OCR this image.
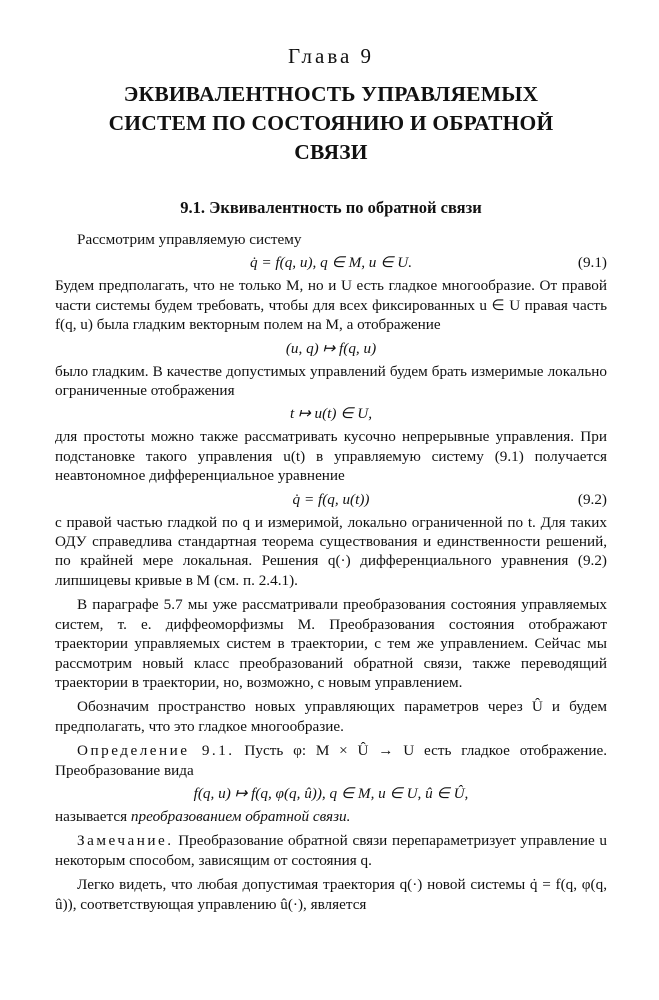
Глава 9
ЭКВИВАЛЕНТНОСТЬ УПРАВЛЯЕМЫХ
СИСТЕМ ПО СОСТОЯНИЮ И ОБРАТНОЙ
СВЯЗИ
9.1. Эквивалентность по обратной связи

Рассмотрим управляемую систему

q̇ = f(q, u), q ∈ M, u ∈ U.	(9.1)

Будем предполагать, что не только M, но и U есть гладкое многообразие. От правой части системы будем требовать, чтобы для всех фиксированных u ∈ U правая часть f(q, u) была гладким векторным полем на M, а отображение

(u, q) ↦ f(q, u)

было гладким. В качестве допустимых управлений будем брать измеримые локально ограниченные отображения

t ↦ u(t) ∈ U,

для простоты можно также рассматривать кусочно непрерывные управления. При подстановке такого управления u(t) в управляемую систему (9.1) получается неавтономное дифференциальное уравнение

q̇ = f(q, u(t))	(9.2)

с правой частью гладкой по q и измеримой, локально ограниченной по t. Для таких ОДУ справедлива стандартная теорема существования и единственности решений, по крайней мере локальная. Решения q(·) дифференциального уравнения (9.2) липшицевы кривые в M (см. п. 2.4.1).

В параграфе 5.7 мы уже рассматривали преобразования состояния управляемых систем, т. е. диффеоморфизмы M. Преобразования состояния отображают траектории управляемых систем в траектории, с тем же управлением. Сейчас мы рассмотрим новый класс преобразований обратной связи, также переводящий траектории в траектории, но, возможно, с новым управлением.

Обозначим пространство новых управляющих параметров через Û и будем предполагать, что это гладкое многообразие.

Определение 9.1. Пусть φ: M × Û → U есть гладкое отображение. Преобразование вида

f(q, u) ↦ f(q, φ(q, û)), q ∈ M, u ∈ U, û ∈ Û,

называется преобразованием обратной связи.

Замечание. Преобразование обратной связи перепараметризует управление u некоторым способом, зависящим от состояния q.

Легко видеть, что любая допустимая траектория q(·) новой системы q̇ = f(q, φ(q, û)), соответствующая управлению û(·), является
